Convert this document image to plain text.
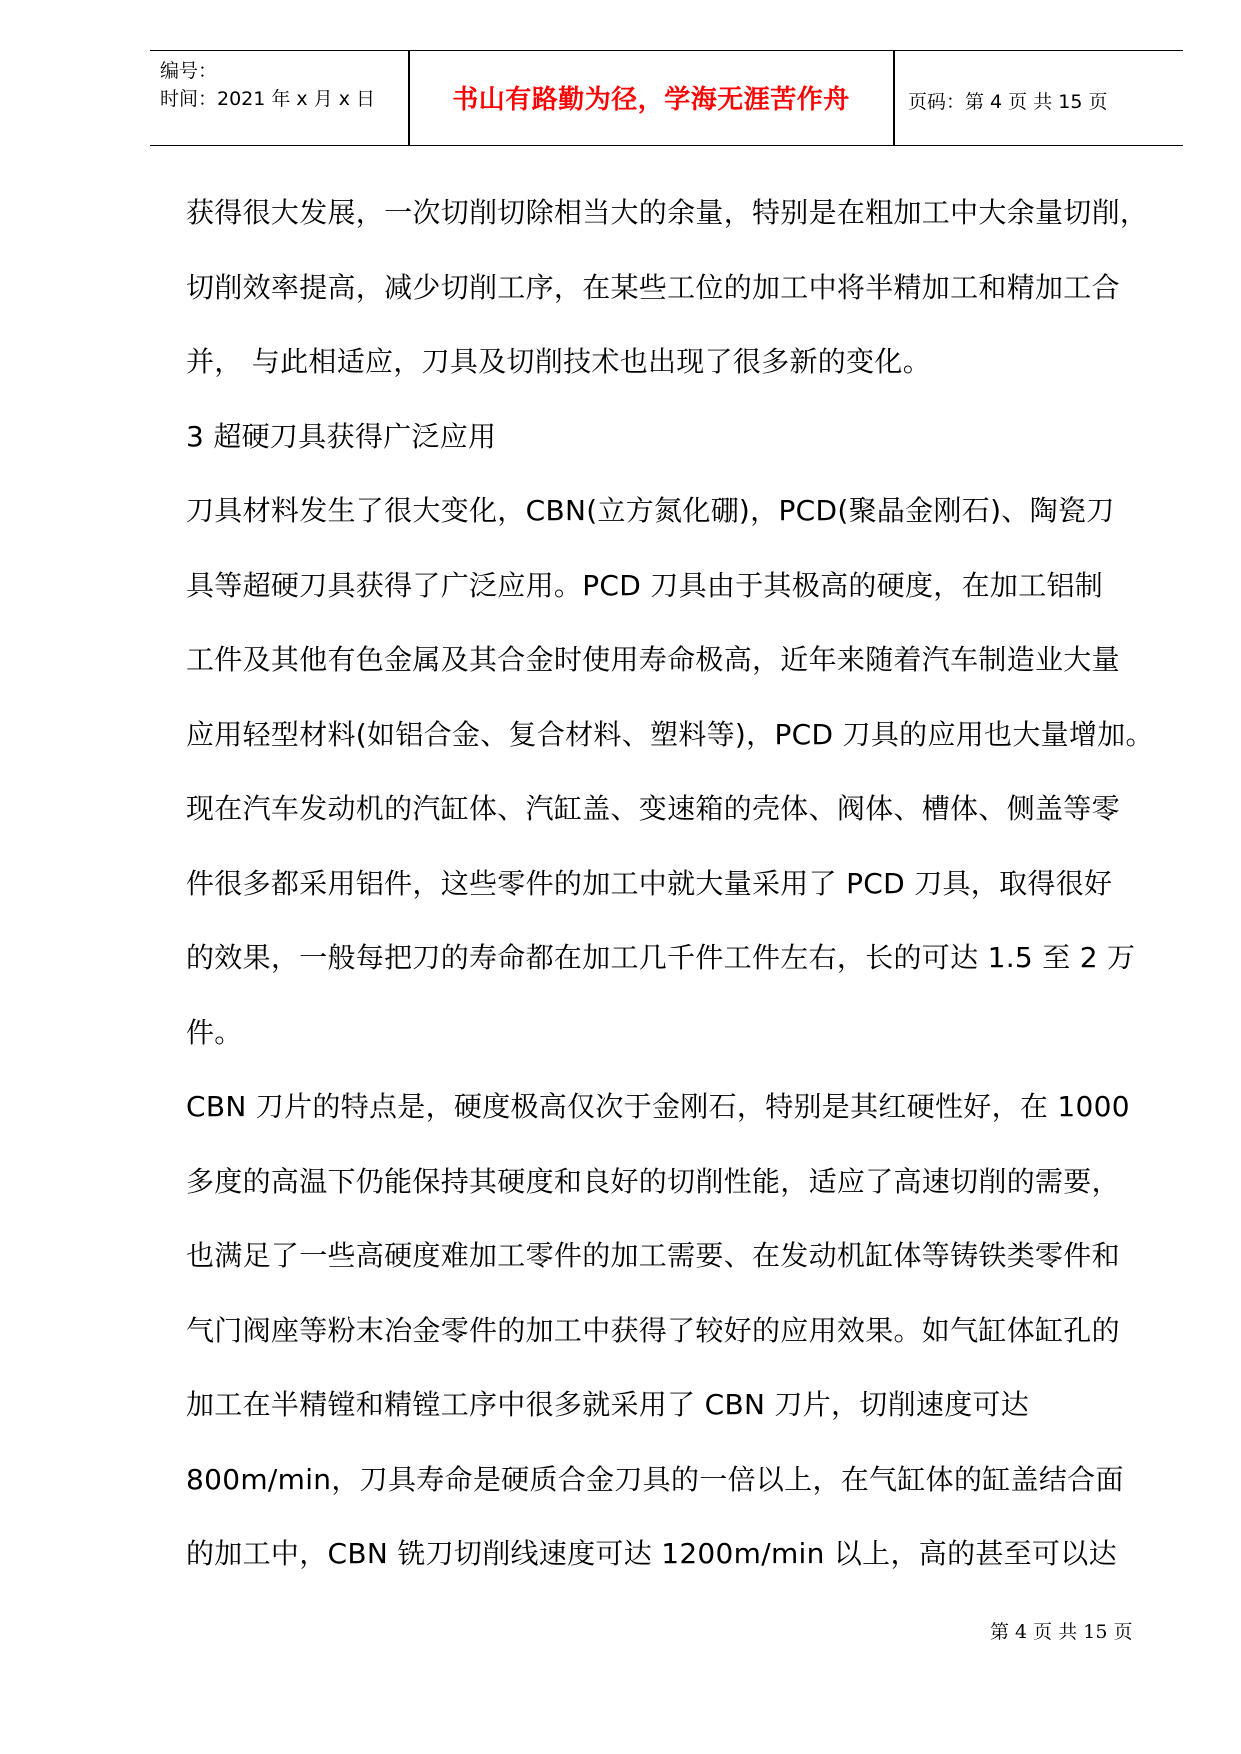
编号：
时间：2021 年 x 月 x 日	书山有路勤为径，学海无涯苦作舟	页码：第 4 页 共 15 页
获得很大发展，一次切削切除相当大的余量，特别是在粗加工中大余量切削，
切削效率提高，减少切削工序，在某些工位的加工中将半精加工和精加工合
并， 与此相适应，刀具及切削技术也出现了很多新的变化。
3 超硬刀具获得广泛应用
刀具材料发生了很大变化，CBN(立方氮化硼)，PCD(聚晶金刚石)、陶瓷刀
具等超硬刀具获得了广泛应用。PCD 刀具由于其极高的硬度，在加工铝制
工件及其他有色金属及其合金时使用寿命极高，近年来随着汽车制造业大量
应用轻型材料(如铝合金、复合材料、塑料等)，PCD 刀具的应用也大量增加。
现在汽车发动机的汽缸体、汽缸盖、变速箱的壳体、阀体、槽体、侧盖等零
件很多都采用铝件，这些零件的加工中就大量采用了 PCD 刀具，取得很好
的效果，一般每把刀的寿命都在加工几千件工件左右，长的可达 1.5 至 2 万
件。
CBN 刀片的特点是，硬度极高仅次于金刚石，特别是其红硬性好，在 1000
多度的高温下仍能保持其硬度和良好的切削性能，适应了高速切削的需要，
也满足了一些高硬度难加工零件的加工需要、在发动机缸体等铸铁类零件和
气门阀座等粉末冶金零件的加工中获得了较好的应用效果。如气缸体缸孔的
加工在半精镗和精镗工序中很多就采用了 CBN 刀片，切削速度可达
800m/min，刀具寿命是硬质合金刀具的一倍以上，在气缸体的缸盖结合面
的加工中，CBN 铣刀切削线速度可达 1200m/min 以上，高的甚至可以达
第 4 页 共 15 页
